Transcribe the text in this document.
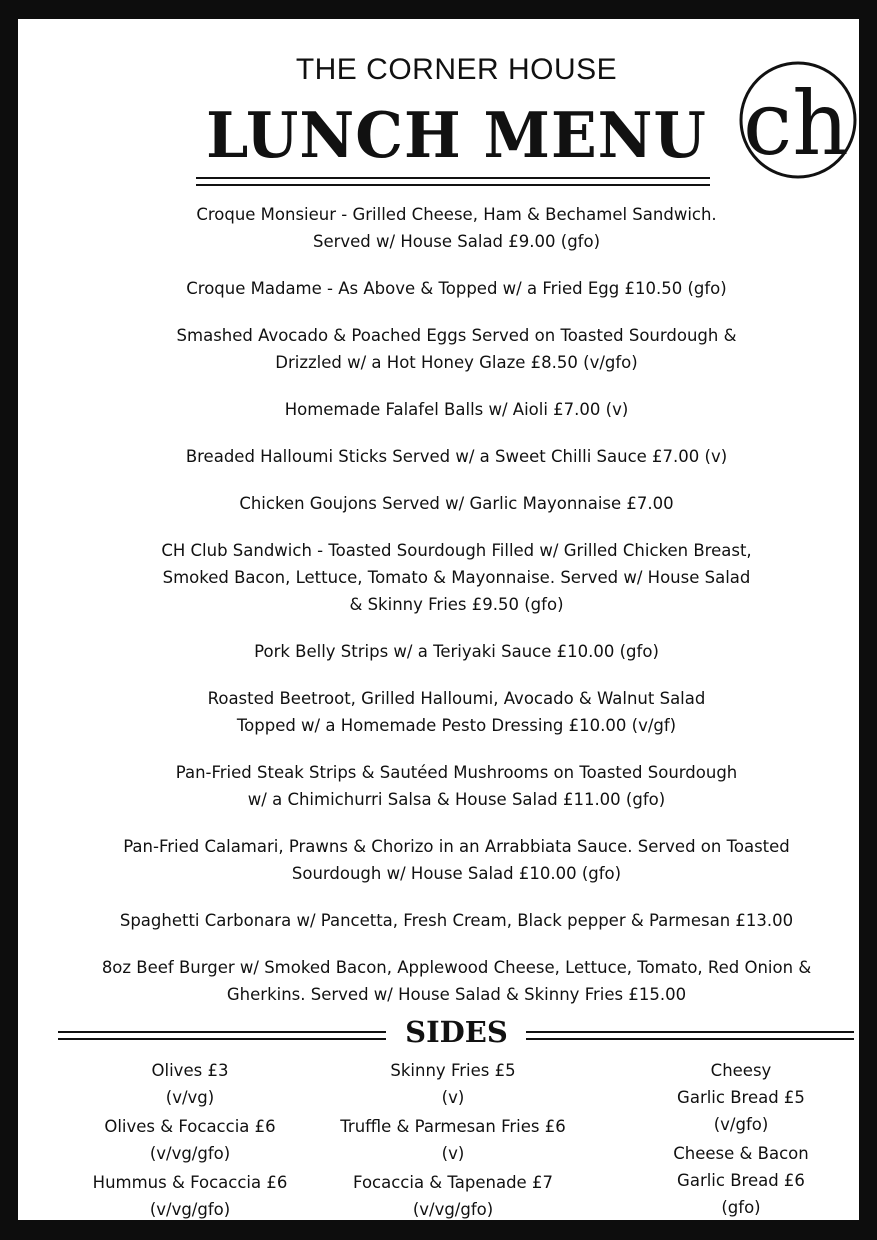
THE CORNER HOUSE
LUNCH MENU ch
Croque Monsieur - Grilled Cheese, Ham & Bechamel Sandwich.
Served w/ House Salad £9.00 (gfo)
Croque Madame - As Above & Topped w/ a Fried Egg £10.50 (gfo)
Smashed Avocado & Poached Eggs Served on Toasted Sourdough &
Drizzled w/ a Hot Honey Glaze £8.50 (v/gfo)
Homemade Falafel Balls w/ Aioli £7.00 (v)
Breaded Halloumi Sticks Served w/ a Sweet Chilli Sauce £7.00 (v)
Chicken Goujons Served w/ Garlic Mayonnaise £7.00
CH Club Sandwich - Toasted Sourdough Filled w/ Grilled Chicken Breast,
Smoked Bacon, Lettuce, Tomato & Mayonnaise. Served w/ House Salad
& Skinny Fries £9.50 (gfo)
Pork Belly Strips w/ a Teriyaki Sauce £10.00 (gfo)
Roasted Beetroot, Grilled Halloumi, Avocado & Walnut Salad
Topped w/ a Homemade Pesto Dressing £10.00 (v/gf)
Pan-Fried Steak Strips & Sautéed Mushrooms on Toasted Sourdough
w/ a Chimichurri Salsa & House Salad £11.00 (gfo)
Pan-Fried Calamari, Prawns & Chorizo in an Arrabbiata Sauce. Served on Toasted
Sourdough w/ House Salad £10.00 (gfo)
Spaghetti Carbonara w/ Pancetta, Fresh Cream, Black pepper & Parmesan £13.00
8oz Beef Burger w/ Smoked Bacon, Applewood Cheese, Lettuce, Tomato, Red Onion &
Gherkins. Served w/ House Salad & Skinny Fries £15.00
SIDES
Olives £3
(v/vg)
Olives & Focaccia £6
(v/vg/gfo)
Hummus & Focaccia £6
(v/vg/gfo)
Skinny Fries £5
(v)
Truffle & Parmesan Fries £6
(v)
Focaccia & Tapenade £7
(v/vg/gfo)
Cheesy
Garlic Bread £5
(v/gfo)
Cheese & Bacon
Garlic Bread £6
(gfo)
